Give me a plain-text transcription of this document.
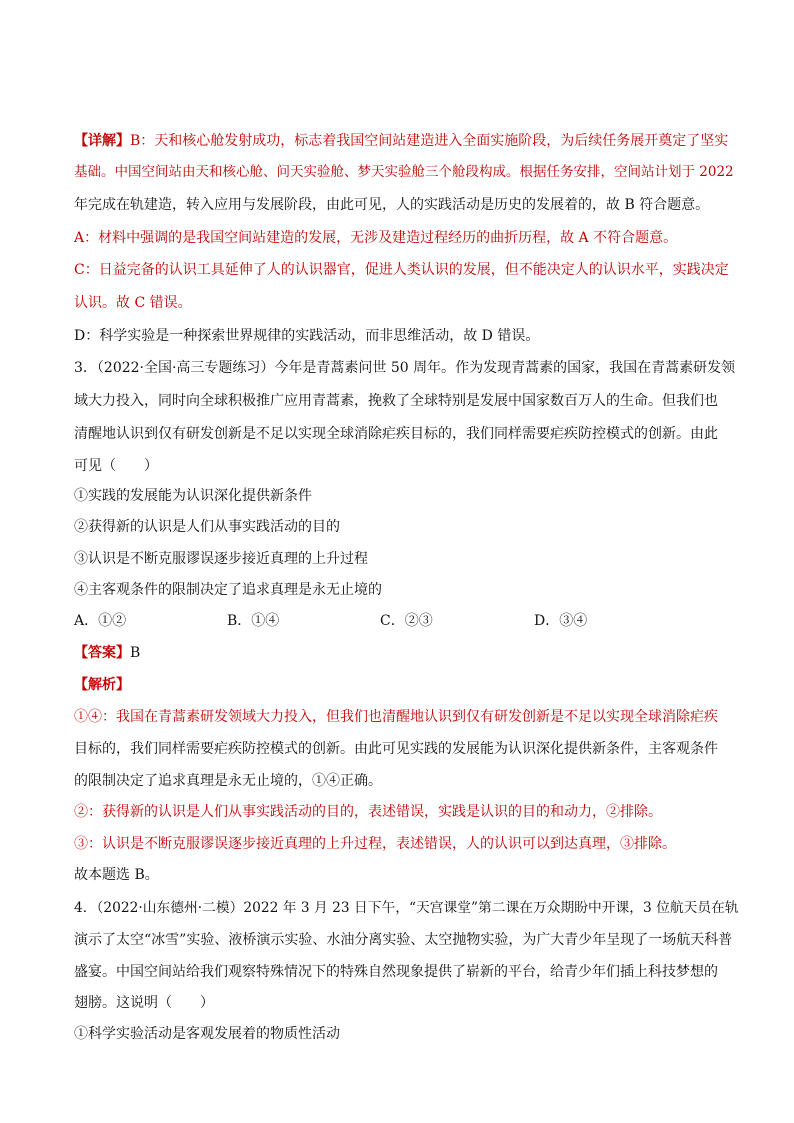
【详解】B：天和核心舱发射成功，标志着我国空间站建造进入全面实施阶段，为后续任务展开奠定了坚实
基础。中国空间站由天和核心舱、问天实验舱、梦天实验舱三个舱段构成。根据任务安排，空间站计划于 2022
年完成在轨建造，转入应用与发展阶段，由此可见，人的实践活动是历史的发展着的，故 B 符合题意。
A：材料中强调的是我国空间站建造的发展，无涉及建造过程经历的曲折历程，故 A 不符合题意。
C：日益完备的认识工具延伸了人的认识器官，促进人类认识的发展，但不能决定人的认识水平，实践决定
认识。故 C 错误。
D：科学实验是一种探索世界规律的实践活动，而非思维活动，故 D 错误。
3．（2022·全国·高三专题练习）今年是青蒿素问世 50 周年。作为发现青蒿素的国家，我国在青蒿素研发领
域大力投入，同时向全球积极推广应用青蒿素，挽救了全球特别是发展中国家数百万人的生命。但我们也
清醒地认识到仅有研发创新是不足以实现全球消除疟疾目标的，我们同样需要疟疾防控模式的创新。由此
可见（　　）
①实践的发展能为认识深化提供新条件
②获得新的认识是人们从事实践活动的目的
③认识是不断克服谬误逐步接近真理的上升过程
④主客观条件的限制决定了追求真理是永无止境的
A．①②	B．①④	C．②③	D．③④
【答案】B
【解析】
①④：我国在青蒿素研发领域大力投入，但我们也清醒地认识到仅有研发创新是不足以实现全球消除疟疾
目标的，我们同样需要疟疾防控模式的创新。由此可见实践的发展能为认识深化提供新条件，主客观条件
的限制决定了追求真理是永无止境的，①④正确。
②：获得新的认识是人们从事实践活动的目的，表述错误，实践是认识的目的和动力，②排除。
③：认识是不断克服谬误逐步接近真理的上升过程，表述错误，人的认识可以到达真理，③排除。
故本题选 B。
4．（2022·山东德州·二模）2022 年 3 月 23 日下午，“天宫课堂”第二课在万众期盼中开课，3 位航天员在轨
演示了太空“冰雪”实验、液桥演示实验、水油分离实验、太空抛物实验，为广大青少年呈现了一场航天科普
盛宴。中国空间站给我们观察特殊情况下的特殊自然现象提供了崭新的平台，给青少年们插上科技梦想的
翅膀。这说明（　　）
①科学实验活动是客观发展着的物质性活动
